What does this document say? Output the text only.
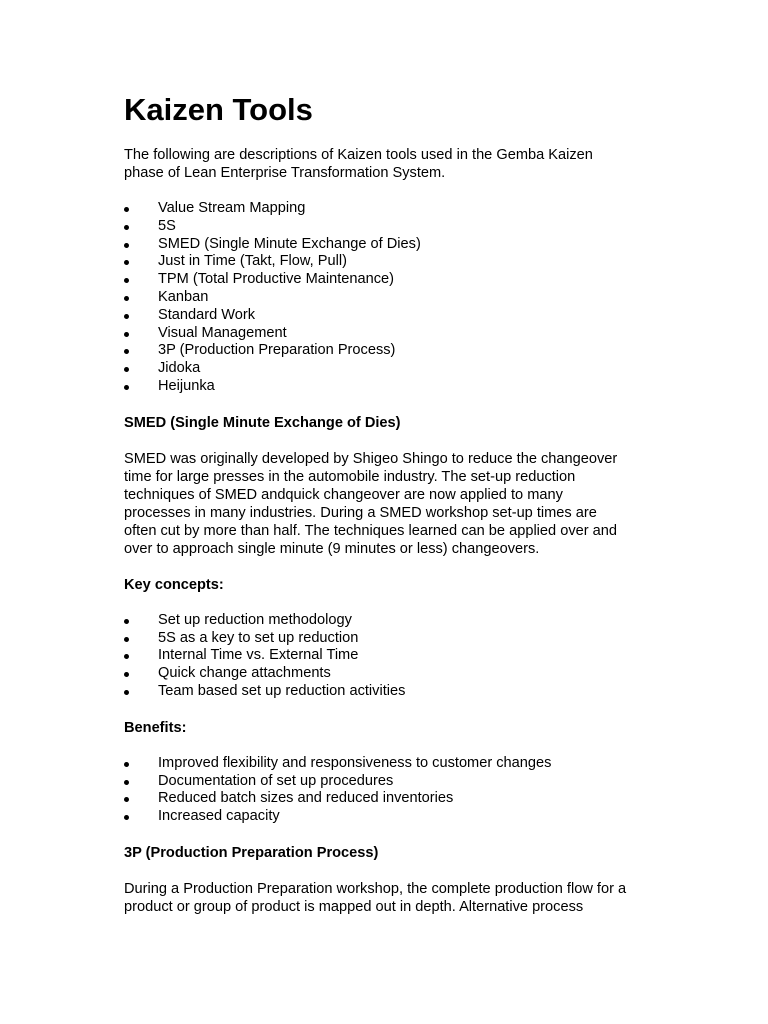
Kaizen Tools

The following are descriptions of Kaizen tools used in the Gemba Kaizen
phase of Lean Enterprise Transformation System.

Value Stream Mapping
5S
SMED (Single Minute Exchange of Dies)
Just in Time (Takt, Flow, Pull)
TPM (Total Productive Maintenance)
Kanban
Standard Work
Visual Management
3P (Production Preparation Process)
Jidoka
Heijunka
SMED (Single Minute Exchange of Dies)

SMED was originally developed by Shigeo Shingo to reduce the changeover
time for large presses in the automobile industry. The set-up reduction
techniques of SMED andquick changeover are now applied to many
processes in many industries. During a SMED workshop set-up times are
often cut by more than half. The techniques learned can be applied over and
over to approach single minute (9 minutes or less) changeovers.

Key concepts:
Set up reduction methodology
5S as a key to set up reduction
Internal Time vs. External Time
Quick change attachments
Team based set up reduction activities
Benefits:
Improved flexibility and responsiveness to customer changes
Documentation of set up procedures
Reduced batch sizes and reduced inventories
Increased capacity
3P (Production Preparation Process)

During a Production Preparation workshop, the complete production flow for a
product or group of product is mapped out in depth. Alternative process
